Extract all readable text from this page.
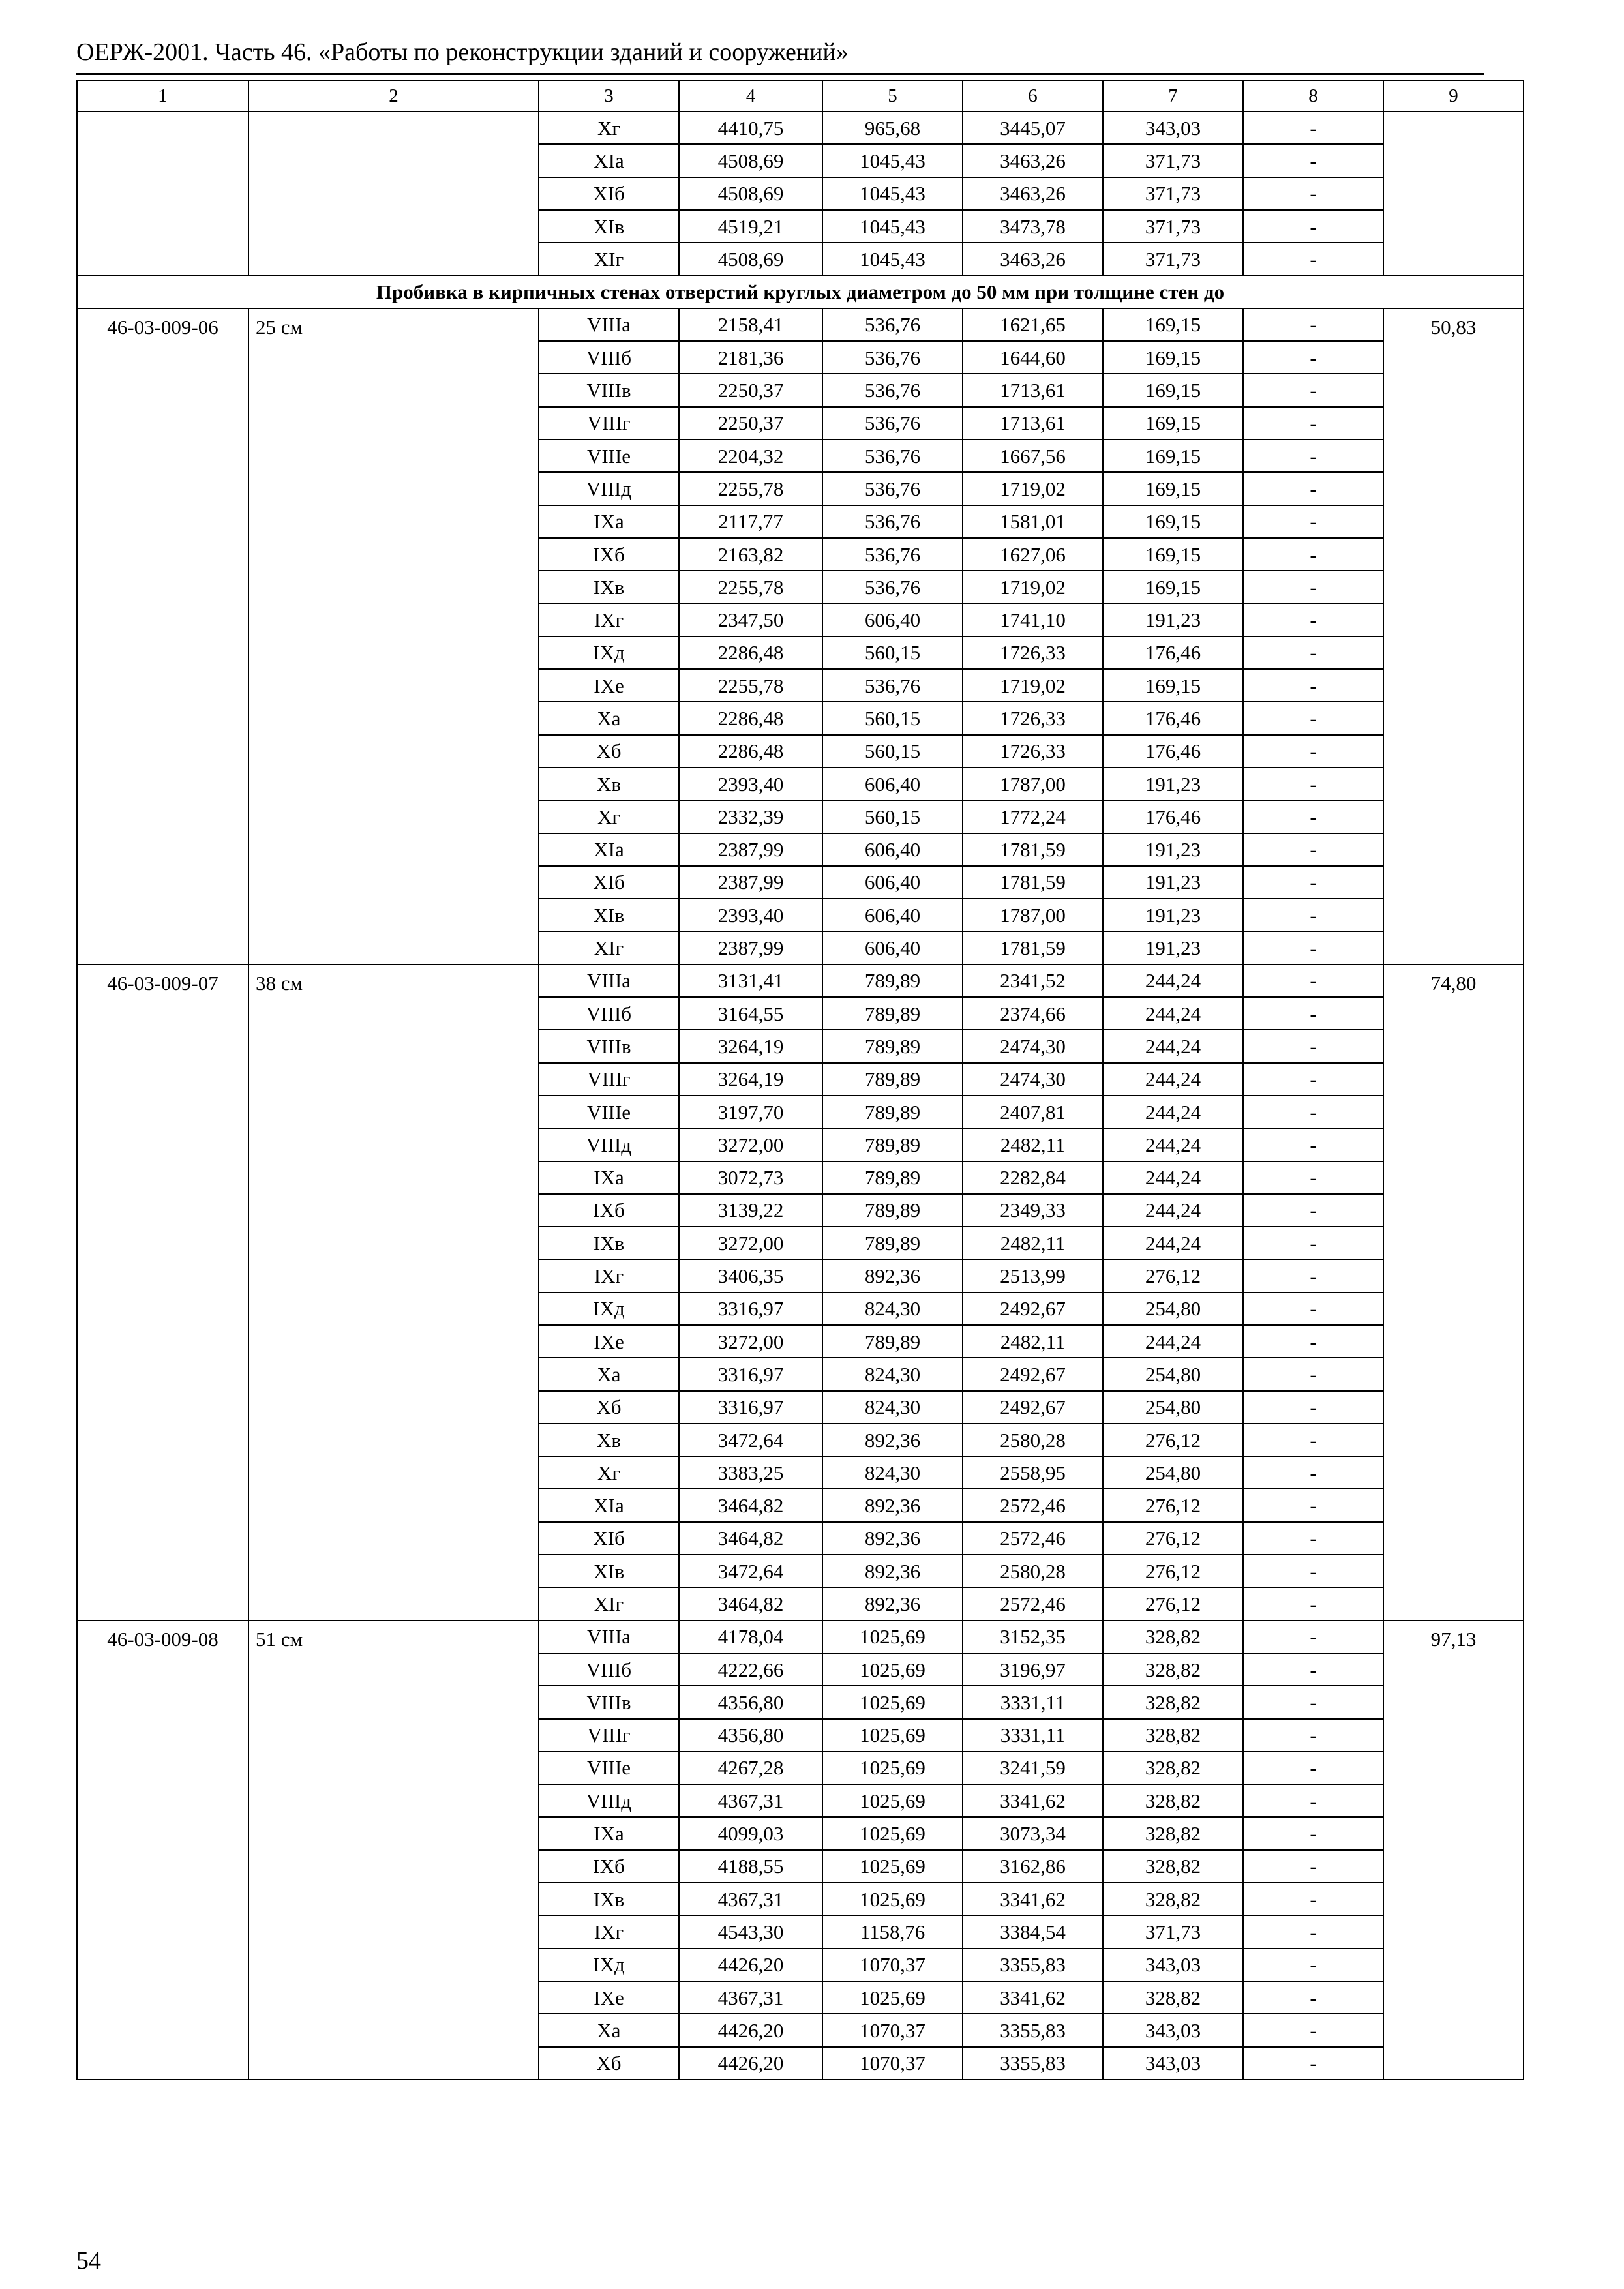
ОЕРЖ-2001. Часть 46. «Работы по реконструкции зданий и сооружений»
1	2	3	4	5	6	7	8	9
		Xг	4410,75	965,68	3445,07	343,03	-	
		XIа	4508,69	1045,43	3463,26	371,73	-	
		XIб	4508,69	1045,43	3463,26	371,73	-	
		XIв	4519,21	1045,43	3473,78	371,73	-	
		XIг	4508,69	1045,43	3463,26	371,73	-	
Пробивка в кирпичных стенах отверстий круглых диаметром до 50 мм при толщине стен до								
46-03-009-06	25 см	VIIIа	2158,41	536,76	1621,65	169,15	-	50,83
		VIIIб	2181,36	536,76	1644,60	169,15	-	
		VIIIв	2250,37	536,76	1713,61	169,15	-	
		VIIIг	2250,37	536,76	1713,61	169,15	-	
		VIIIе	2204,32	536,76	1667,56	169,15	-	
		VIIIд	2255,78	536,76	1719,02	169,15	-	
		IXа	2117,77	536,76	1581,01	169,15	-	
		IXб	2163,82	536,76	1627,06	169,15	-	
		IXв	2255,78	536,76	1719,02	169,15	-	
		IXг	2347,50	606,40	1741,10	191,23	-	
		IXд	2286,48	560,15	1726,33	176,46	-	
		IXе	2255,78	536,76	1719,02	169,15	-	
		Xа	2286,48	560,15	1726,33	176,46	-	
		Xб	2286,48	560,15	1726,33	176,46	-	
		Xв	2393,40	606,40	1787,00	191,23	-	
		Xг	2332,39	560,15	1772,24	176,46	-	
		XIа	2387,99	606,40	1781,59	191,23	-	
		XIб	2387,99	606,40	1781,59	191,23	-	
		XIв	2393,40	606,40	1787,00	191,23	-	
		XIг	2387,99	606,40	1781,59	191,23	-	
46-03-009-07	38 см	VIIIа	3131,41	789,89	2341,52	244,24	-	74,80
		VIIIб	3164,55	789,89	2374,66	244,24	-	
		VIIIв	3264,19	789,89	2474,30	244,24	-	
		VIIIг	3264,19	789,89	2474,30	244,24	-	
		VIIIе	3197,70	789,89	2407,81	244,24	-	
		VIIIд	3272,00	789,89	2482,11	244,24	-	
		IXа	3072,73	789,89	2282,84	244,24	-	
		IXб	3139,22	789,89	2349,33	244,24	-	
		IXв	3272,00	789,89	2482,11	244,24	-	
		IXг	3406,35	892,36	2513,99	276,12	-	
		IXд	3316,97	824,30	2492,67	254,80	-	
		IXе	3272,00	789,89	2482,11	244,24	-	
		Xа	3316,97	824,30	2492,67	254,80	-	
		Xб	3316,97	824,30	2492,67	254,80	-	
		Xв	3472,64	892,36	2580,28	276,12	-	
		Xг	3383,25	824,30	2558,95	254,80	-	
		XIа	3464,82	892,36	2572,46	276,12	-	
		XIб	3464,82	892,36	2572,46	276,12	-	
		XIв	3472,64	892,36	2580,28	276,12	-	
		XIг	3464,82	892,36	2572,46	276,12	-	
46-03-009-08	51 см	VIIIа	4178,04	1025,69	3152,35	328,82	-	97,13
		VIIIб	4222,66	1025,69	3196,97	328,82	-	
		VIIIв	4356,80	1025,69	3331,11	328,82	-	
		VIIIг	4356,80	1025,69	3331,11	328,82	-	
		VIIIе	4267,28	1025,69	3241,59	328,82	-	
		VIIIд	4367,31	1025,69	3341,62	328,82	-	
		IXа	4099,03	1025,69	3073,34	328,82	-	
		IXб	4188,55	1025,69	3162,86	328,82	-	
		IXв	4367,31	1025,69	3341,62	328,82	-	
		IXг	4543,30	1158,76	3384,54	371,73	-	
		IXд	4426,20	1070,37	3355,83	343,03	-	
		IXе	4367,31	1025,69	3341,62	328,82	-	
		Xа	4426,20	1070,37	3355,83	343,03	-	
		Xб	4426,20	1070,37	3355,83	343,03	-	
54
